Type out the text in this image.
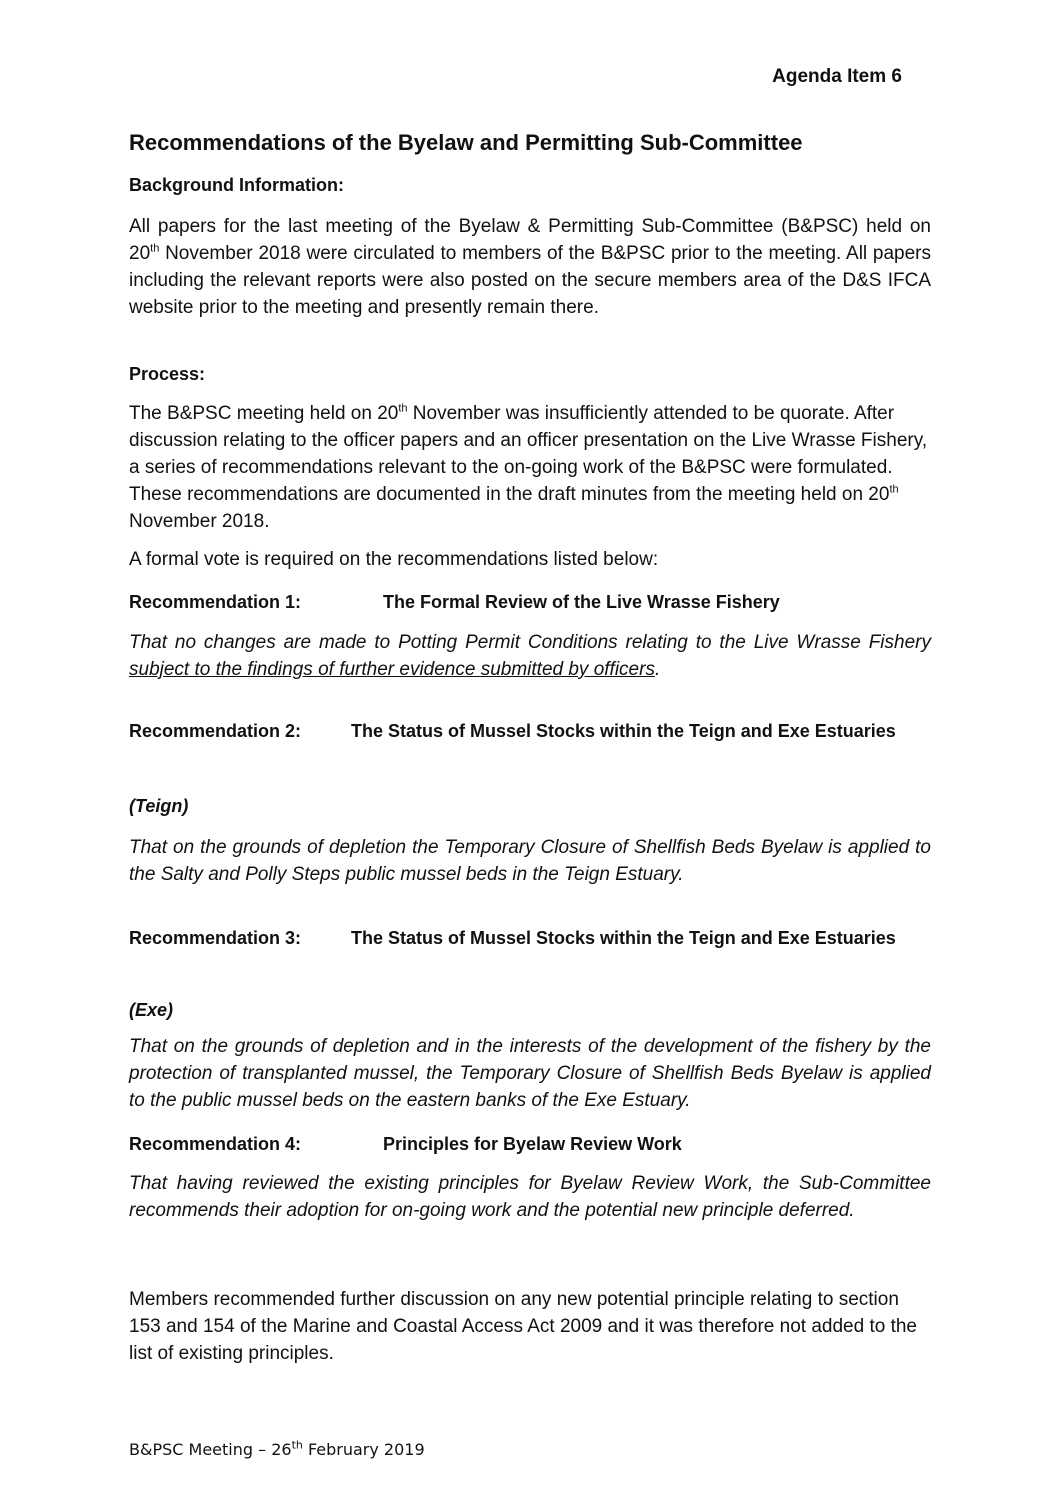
Agenda Item 6
Recommendations of the Byelaw and Permitting Sub-Committee
Background Information:
All papers for the last meeting of the Byelaw & Permitting Sub-Committee (B&PSC) held on 20th November 2018 were circulated to members of the B&PSC prior to the meeting. All papers including the relevant reports were also posted on the secure members area of the D&S IFCA website prior to the meeting and presently remain there.
Process:
The B&PSC meeting held on 20th November was insufficiently attended to be quorate. After discussion relating to the officer papers and an officer presentation on the Live Wrasse Fishery, a series of recommendations relevant to the on-going work of the B&PSC were formulated. These recommendations are documented in the draft minutes from the meeting held on 20th November 2018.
A formal vote is required on the recommendations listed below:
Recommendation 1:	The Formal Review of the Live Wrasse Fishery
That no changes are made to Potting Permit Conditions relating to the Live Wrasse Fishery subject to the findings of further evidence submitted by officers.
Recommendation 2:	The Status of Mussel Stocks within the Teign and Exe Estuaries
(Teign)
That on the grounds of depletion the Temporary Closure of Shellfish Beds Byelaw is applied to the Salty and Polly Steps public mussel beds in the Teign Estuary.
Recommendation 3:	The Status of Mussel Stocks within the Teign and Exe Estuaries
(Exe)
That on the grounds of depletion and in the interests of the development of the fishery by the protection of transplanted mussel, the Temporary Closure of Shellfish Beds Byelaw is applied to the public mussel beds on the eastern banks of the Exe Estuary.
Recommendation 4:	Principles for Byelaw Review Work
That having reviewed the existing principles for Byelaw Review Work, the Sub-Committee recommends their adoption for on-going work and the potential new principle deferred.
Members recommended further discussion on any new potential principle relating to section 153 and 154 of the Marine and Coastal Access Act 2009 and it was therefore not added to the list of existing principles.
B&PSC Meeting – 26th February 2019
